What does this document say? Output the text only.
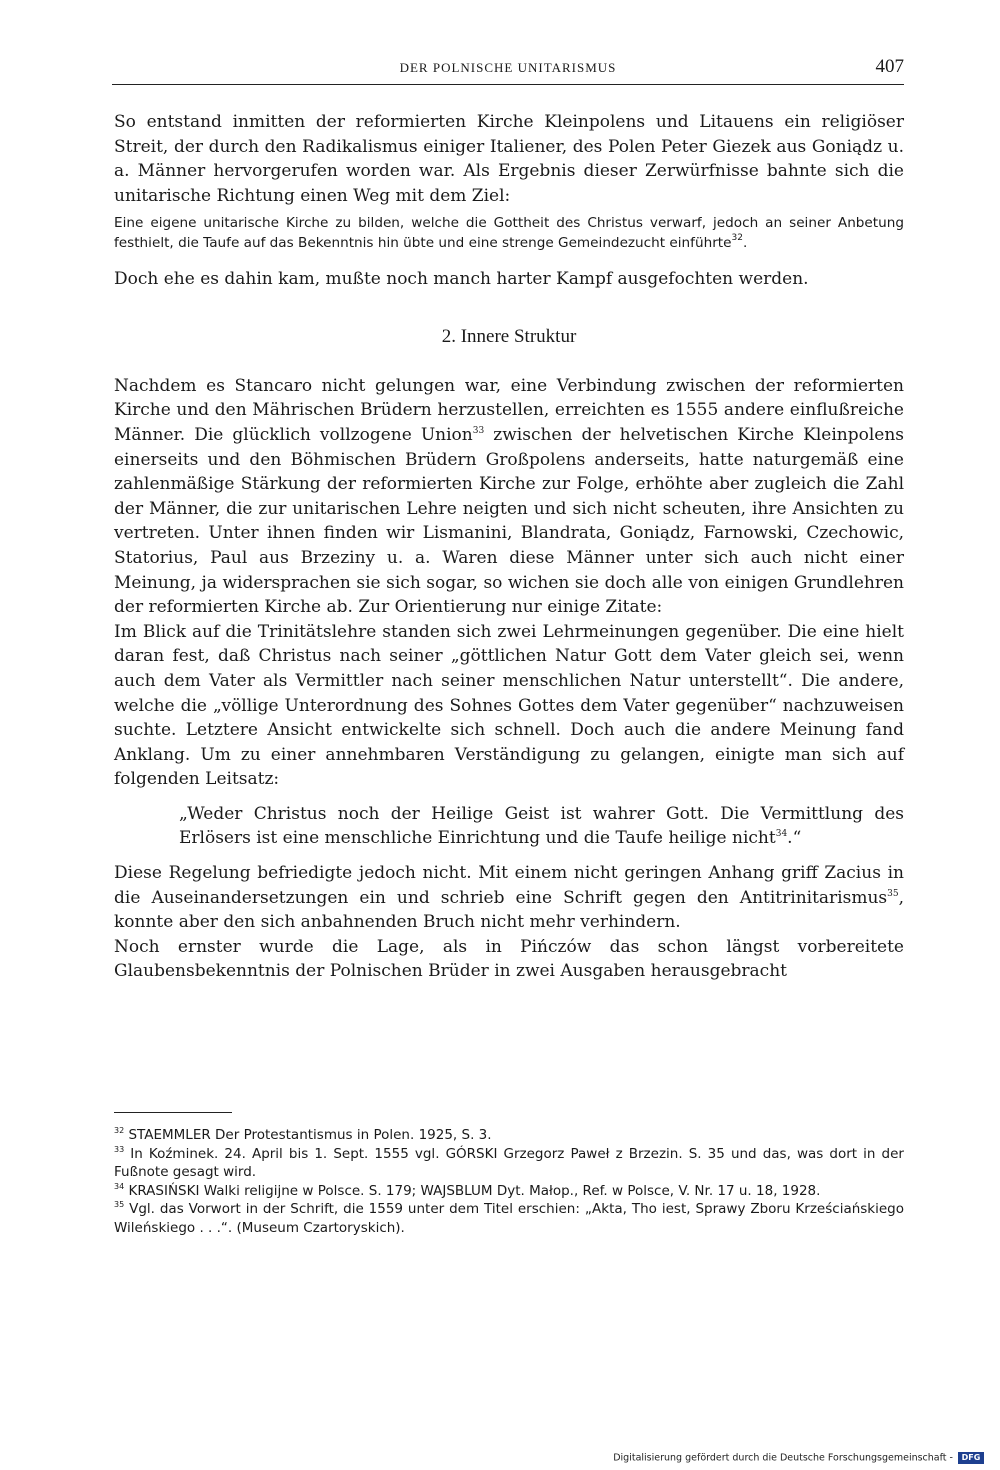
DER POLNISCHE UNITARISMUS	407

So entstand inmitten der reformierten Kirche Kleinpolens und Litauens ein religiöser Streit, der durch den Radikalismus einiger Italiener, des Polen Peter Giezek aus Goniądz u. a. Männer hervorgerufen worden war. Als Ergebnis dieser Zerwürfnisse bahnte sich die unitarische Richtung einen Weg mit dem Ziel:

Eine eigene unitarische Kirche zu bilden, welche die Gottheit des Christus verwarf, jedoch an seiner Anbetung festhielt, die Taufe auf das Bekenntnis hin übte und eine strenge Gemeindezucht einführte$^{32}$.

Doch ehe es dahin kam, mußte noch manch harter Kampf ausgefochten werden.

2. Innere Struktur

Nachdem es Stancaro nicht gelungen war, eine Verbindung zwischen der reformierten Kirche und den Mährischen Brüdern herzustellen, erreichten es 1555 andere einflußreiche Männer. Die glücklich vollzogene Union$^{33}$ zwischen der helvetischen Kirche Kleinpolens einerseits und den Böhmischen Brüdern Großpolens anderseits, hatte naturgemäß eine zahlenmäßige Stärkung der reformierten Kirche zur Folge, erhöhte aber zugleich die Zahl der Männer, die zur unitarischen Lehre neigten und sich nicht scheuten, ihre Ansichten zu vertreten. Unter ihnen finden wir Lismanini, Blandrata, Goniądz, Farnowski, Czechowic, Statorius, Paul aus Brzeziny u. a. Waren diese Männer unter sich auch nicht einer Meinung, ja widersprachen sie sich sogar, so wichen sie doch alle von einigen Grundlehren der reformierten Kirche ab. Zur Orientierung nur einige Zitate:

Im Blick auf die Trinitätslehre standen sich zwei Lehrmeinungen gegenüber. Die eine hielt daran fest, daß Christus nach seiner „göttlichen Natur Gott dem Vater gleich sei, wenn auch dem Vater als Vermittler nach seiner menschlichen Natur unterstellt“. Die andere, welche die „völlige Unterordnung des Sohnes Gottes dem Vater gegenüber“ nachzuweisen suchte. Letztere Ansicht entwickelte sich schnell. Doch auch die andere Meinung fand Anklang. Um zu einer annehmbaren Verständigung zu gelangen, einigte man sich auf folgenden Leitsatz:

„Weder Christus noch der Heilige Geist ist wahrer Gott. Die Vermittlung des Erlösers ist eine menschliche Einrichtung und die Taufe heilige nicht$^{34}$.“

Diese Regelung befriedigte jedoch nicht. Mit einem nicht geringen Anhang griff Zacius in die Auseinandersetzungen ein und schrieb eine Schrift gegen den Antitrinitarismus$^{35}$, konnte aber den sich anbahnenden Bruch nicht mehr verhindern.

Noch ernster wurde die Lage, als in Pińczów das schon längst vorbereitete Glaubensbekenntnis der Polnischen Brüder in zwei Ausgaben herausgebracht

$^{32}$ STAEMMLER Der Protestantismus in Polen. 1925, S. 3.

$^{33}$ In Koźminek. 24. April bis 1. Sept. 1555 vgl. GÓRSKI Grzegorz Paweł z Brzezin. S. 35 und das, was dort in der Fußnote gesagt wird.

$^{34}$ KRASIŃSKI Walki religijne w Polsce. S. 179; WAJSBLUM Dyt. Małop., Ref. w Polsce, V. Nr. 17 u. 18, 1928.

$^{35}$ Vgl. das Vorwort in der Schrift, die 1559 unter dem Titel erschien: „Akta, Tho iest, Sprawy Zboru Krześciańskiego Wileńskiego . . .“. (Museum Czartoryskich).

Digitalisierung gefördert durch die Deutsche Forschungsgemeinschaft - DFG
